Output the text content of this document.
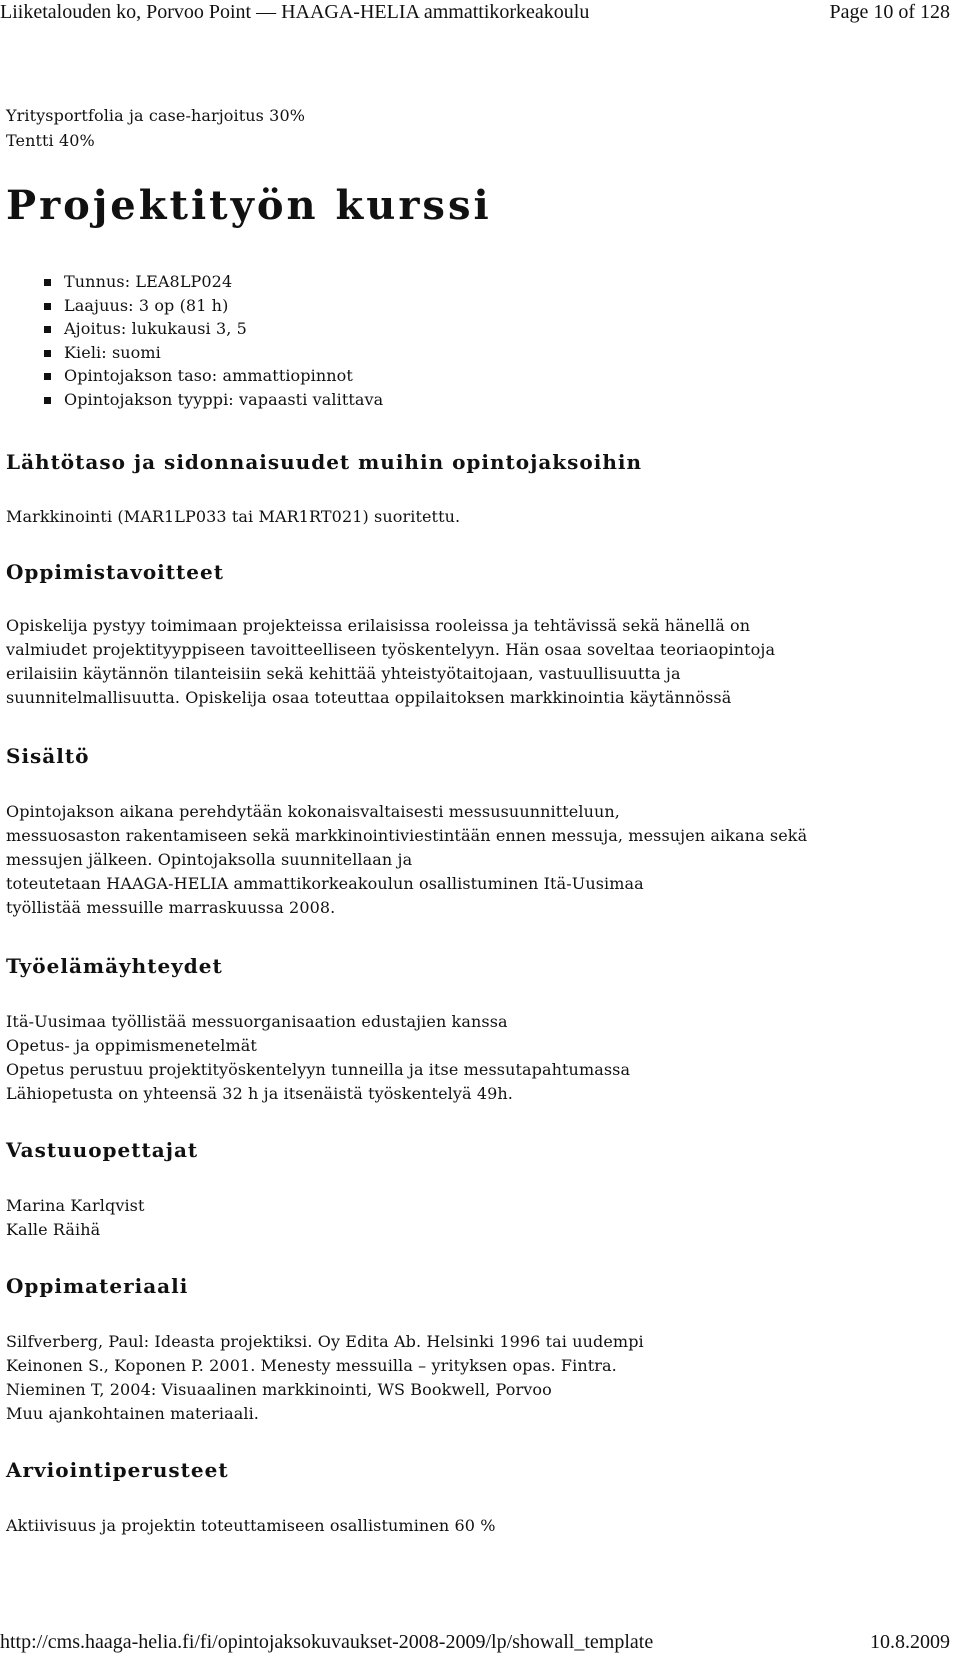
Liiketalouden ko, Porvoo Point — HAAGA-HELIA ammattikorkeakoulu	Page 10 of 128
http://cms.haaga-helia.fi/fi/opintojaksokuvaukset-2008-2009/lp/showall_template	10.8.2009
Yritysportfolia ja case-harjoitus 30%
Tentti 40%
Projektityön kurssi
Tunnus: LEA8LP024
Laajuus: 3 op (81 h)
Ajoitus: lukukausi 3, 5
Kieli: suomi
Opintojakson taso: ammattiopinnot
Opintojakson tyyppi: vapaasti valittava
Lähtötaso ja sidonnaisuudet muihin opintojaksoihin
Markkinointi (MAR1LP033 tai MAR1RT021) suoritettu.
Oppimistavoitteet
Opiskelija pystyy toimimaan projekteissa erilaisissa rooleissa ja tehtävissä sekä hänellä on
valmiudet projektityyppiseen tavoitteelliseen työskentelyyn. Hän osaa soveltaa teoriaopintoja
erilaisiin käytännön tilanteisiin sekä kehittää yhteistyötaitojaan, vastuullisuutta ja
suunnitelmallisuutta. Opiskelija osaa toteuttaa oppilaitoksen markkinointia käytännössä
Sisältö
Opintojakson aikana perehdytään kokonaisvaltaisesti messusuunnitteluun,
messuosaston rakentamiseen sekä markkinointiviestintään ennen messuja, messujen aikana sekä
messujen jälkeen. Opintojaksolla suunnitellaan ja
toteutetaan HAAGA-HELIA ammattikorkeakoulun osallistuminen Itä-Uusimaa
työllistää messuille marraskuussa 2008.
Työelämäyhteydet
Itä-Uusimaa työllistää messuorganisaation edustajien kanssa
Opetus- ja oppimismenetelmät
Opetus perustuu projektityöskentelyyn tunneilla ja itse messutapahtumassa
Lähiopetusta on yhteensä 32 h ja itsenäistä työskentelyä 49h.
Vastuuopettajat
Marina Karlqvist
Kalle Räihä
Oppimateriaali
Silfverberg, Paul: Ideasta projektiksi. Oy Edita Ab. Helsinki 1996 tai uudempi
Keinonen S., Koponen P. 2001. Menesty messuilla – yrityksen opas. Fintra.
Nieminen T, 2004: Visuaalinen markkinointi, WS Bookwell, Porvoo
Muu ajankohtainen materiaali.
Arviointiperusteet
Aktiivisuus ja projektin toteuttamiseen osallistuminen 60 %
